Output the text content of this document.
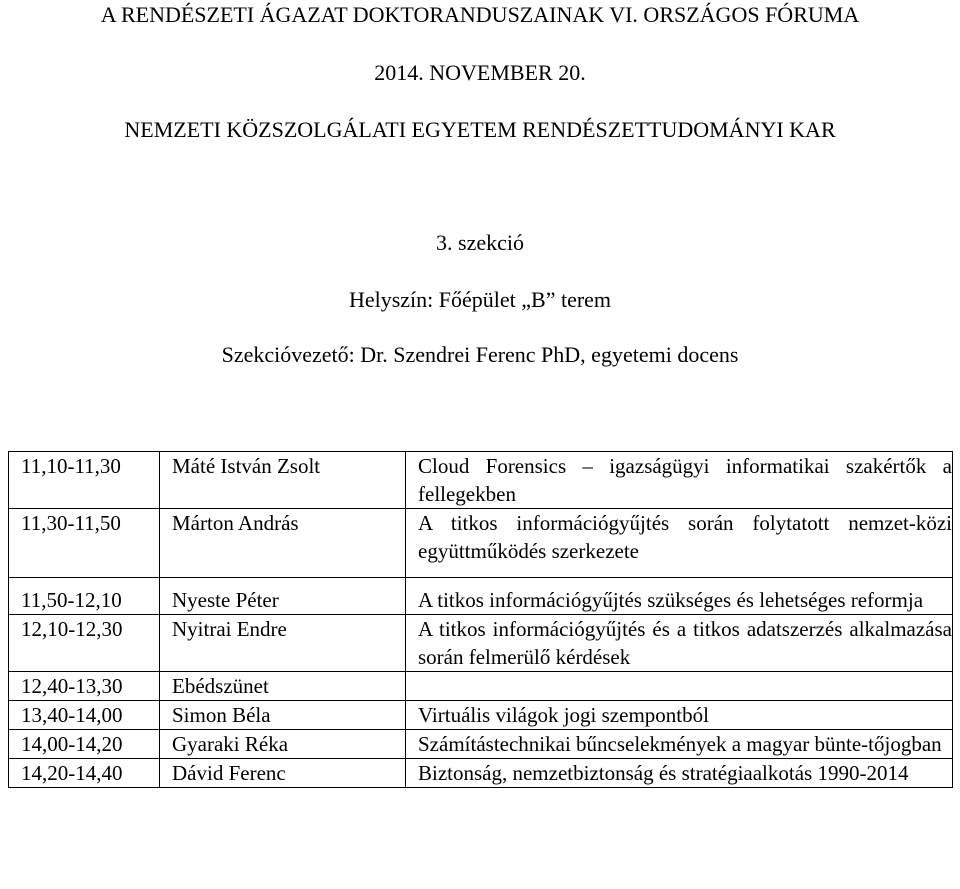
A RENDÉSZETI ÁGAZAT DOKTORANDUSZAINAK VI. ORSZÁGOS FÓRUMA
2014. NOVEMBER 20.
NEMZETI KÖZSZOLGÁLATI EGYETEM RENDÉSZETTUDOMÁNYI KAR
3. szekció
Helyszín: Főépület „B” terem
Szekcióvezető: Dr. Szendrei Ferenc PhD, egyetemi docens
11,10-11,30	Máté István Zsolt	Cloud Forensics – igazságügyi informatikai szakértők a fellegekben
11,30-11,50	Márton András	A titkos információgyűjtés során folytatott nemzet-közi együttműködés szerkezete
11,50-12,10	Nyeste Péter	A titkos információgyűjtés szükséges és lehetséges reformja
12,10-12,30	Nyitrai Endre	A titkos információgyűjtés és a titkos adatszerzés alkalmazása során felmerülő kérdések
12,40-13,30	Ebédszünet	
13,40-14,00	Simon Béla	Virtuális világok jogi szempontból
14,00-14,20	Gyaraki Réka	Számítástechnikai bűncselekmények a magyar bünte-tőjogban
14,20-14,40	Dávid Ferenc	Biztonság, nemzetbiztonság és stratégiaalkotás 1990-2014
